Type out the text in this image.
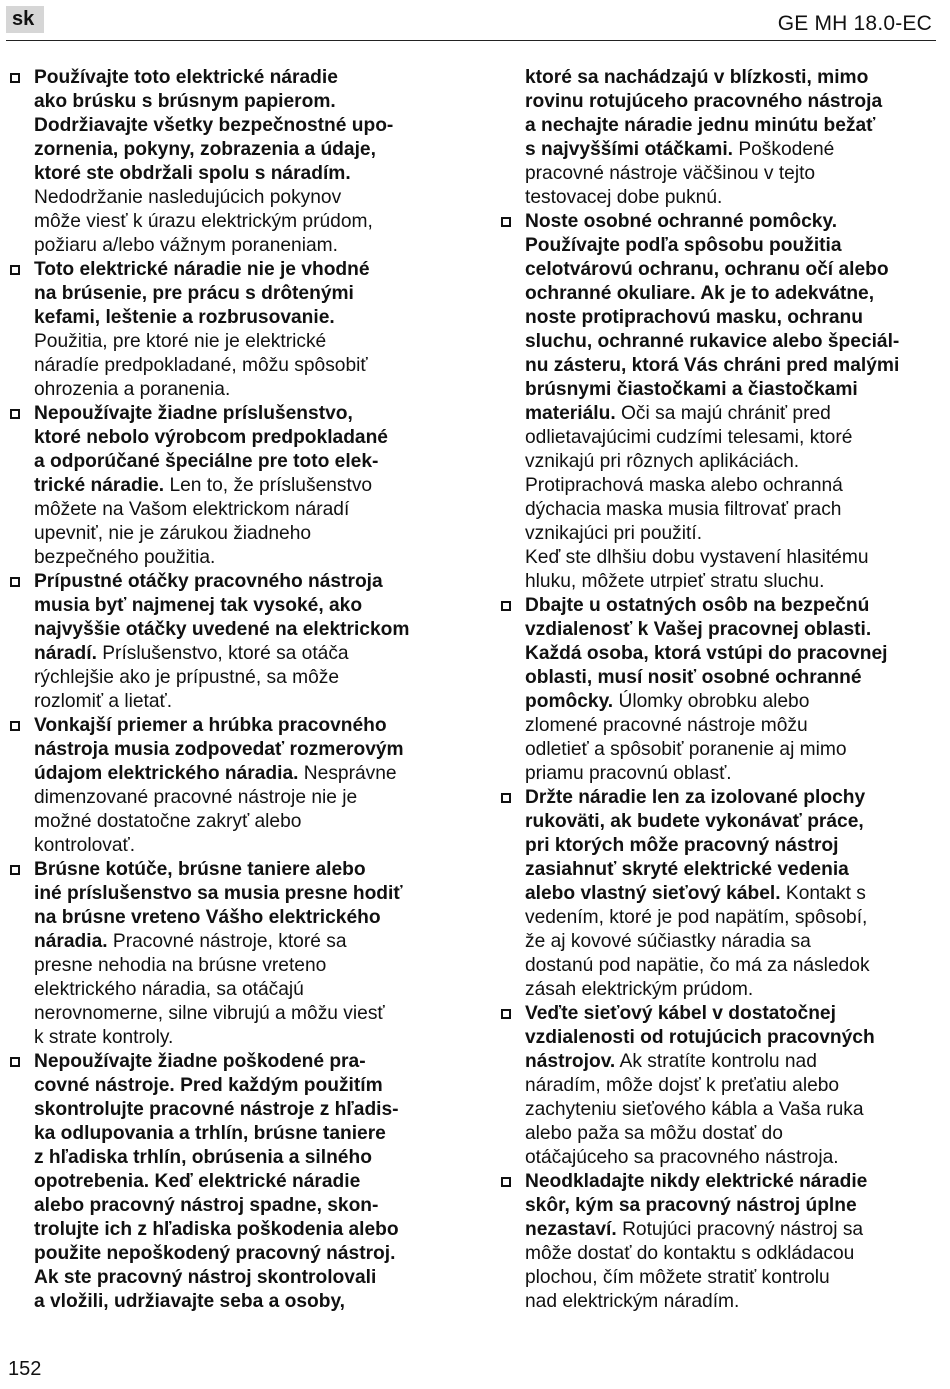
sk	GE MH 18.0-EC

Používajte toto elektrické náradie
ako brúsku s brúsnym papierom.
Dodržiavajte všetky bezpečnostné upo-
zornenia, pokyny, zobrazenia a údaje,
ktoré ste obdržali spolu s náradím.
Nedodržanie nasledujúcich pokynov
môže viesť k úrazu elektrickým prúdom,
požiaru a/lebo vážnym poraneniam.

Toto elektrické náradie nie je vhodné
na brúsenie, pre prácu s drôtenými
kefami, leštenie a rozbrusovanie.
Použitia, pre ktoré nie je elektrické
náradíe predpokladané, môžu spôsobiť
ohrozenia a poranenia.

Nepoužívajte žiadne príslušenstvo,
ktoré nebolo výrobcom predpokladané
a odporúčané špeciálne pre toto elek-
trické náradie. Len to, že príslušenstvo
môžete na Vašom elektrickom náradí
upevniť, nie je zárukou žiadneho
bezpečného použitia.

Prípustné otáčky pracovného nástroja
musia byť najmenej tak vysoké, ako
najvyššie otáčky uvedené na elektrickom
náradí. Príslušenstvo, ktoré sa otáča
rýchlejšie ako je prípustné, sa môže
rozlomiť a lietať.

Vonkajší priemer a hrúbka pracovného
nástroja musia zodpovedať rozmerovým
údajom elektrického náradia. Nesprávne
dimenzované pracovné nástroje nie je
možné dostatočne zakryť alebo
kontrolovať.

Brúsne kotúče, brúsne taniere alebo
iné príslušenstvo sa musia presne hodiť
na brúsne vreteno Vášho elektrického
náradia. Pracovné nástroje, ktoré sa
presne nehodia na brúsne vreteno
elektrického náradia, sa otáčajú
nerovnomerne, silne vibrujú a môžu viesť
k strate kontroly.

Nepoužívajte žiadne poškodené pra-
covné nástroje. Pred každým použitím
skontrolujte pracovné nástroje z hľadis-
ka odlupovania a trhlín, brúsne taniere
z hľadiska trhlín, obrúsenia a silného
opotrebenia. Keď elektrické náradie
alebo pracovný nástroj spadne, skon-
trolujte ich z hľadiska poškodenia alebo
použite nepoškodený pracovný nástroj.
Ak ste pracovný nástroj skontrolovali
a vložili, udržiavajte seba a osoby,

ktoré sa nachádzajú v blízkosti, mimo
rovinu rotujúceho pracovného nástroja
a nechajte náradie jednu minútu bežať
s najvyššími otáčkami. Poškodené
pracovné nástroje väčšinou v tejto
testovacej dobe puknú.

Noste osobné ochranné pomôcky.
Používajte podľa spôsobu použitia
celotvárovú ochranu, ochranu očí alebo
ochranné okuliare. Ak je to adekvátne,
noste protiprachovú masku, ochranu
sluchu, ochranné rukavice alebo špeciál-
nu zásteru, ktorá Vás chráni pred malými
brúsnymi čiastočkami a čiastočkami
materiálu. Oči sa majú chrániť pred
odlietavajúcimi cudzími telesami, ktoré
vznikajú pri rôznych aplikáciách.
Protiprachová maska alebo ochranná
dýchacia maska musia filtrovať prach
vznikajúci pri použití.
Keď ste dlhšiu dobu vystavení hlasitému
hluku, môžete utrpieť stratu sluchu.

Dbajte u ostatných osôb na bezpečnú
vzdialenosť k Vašej pracovnej oblasti.
Každá osoba, ktorá vstúpi do pracovnej
oblasti, musí nosiť osobné ochranné
pomôcky. Úlomky obrobku alebo
zlomené pracovné nástroje môžu
odletieť a spôsobiť poranenie aj mimo
priamu pracovnú oblasť.

Držte náradie len za izolované plochy
rukoväti, ak budete vykonávať práce,
pri ktorých môže pracovný nástroj
zasiahnuť skryté elektrické vedenia
alebo vlastný sieťový kábel. Kontakt s
vedením, ktoré je pod napätím, spôsobí,
že aj kovové súčiastky náradia sa
dostanú pod napätie, čo má za následok
zásah elektrickým prúdom.

Veďte sieťový kábel v dostatočnej
vzdialenosti od rotujúcich pracovných
nástrojov. Ak stratíte kontrolu nad
náradím, môže dojsť k preťatiu alebo
zachyteniu sieťového kábla a Vaša ruka
alebo paža sa môžu dostať do
otáčajúceho sa pracovného nástroja.

Neodkladajte nikdy elektrické náradie
skôr, kým sa pracovný nástroj úplne
nezastaví. Rotujúci pracovný nástroj sa
môže dostať do kontaktu s odkládacou
plochou, čím môžete stratiť kontrolu
nad elektrickým náradím.

152
